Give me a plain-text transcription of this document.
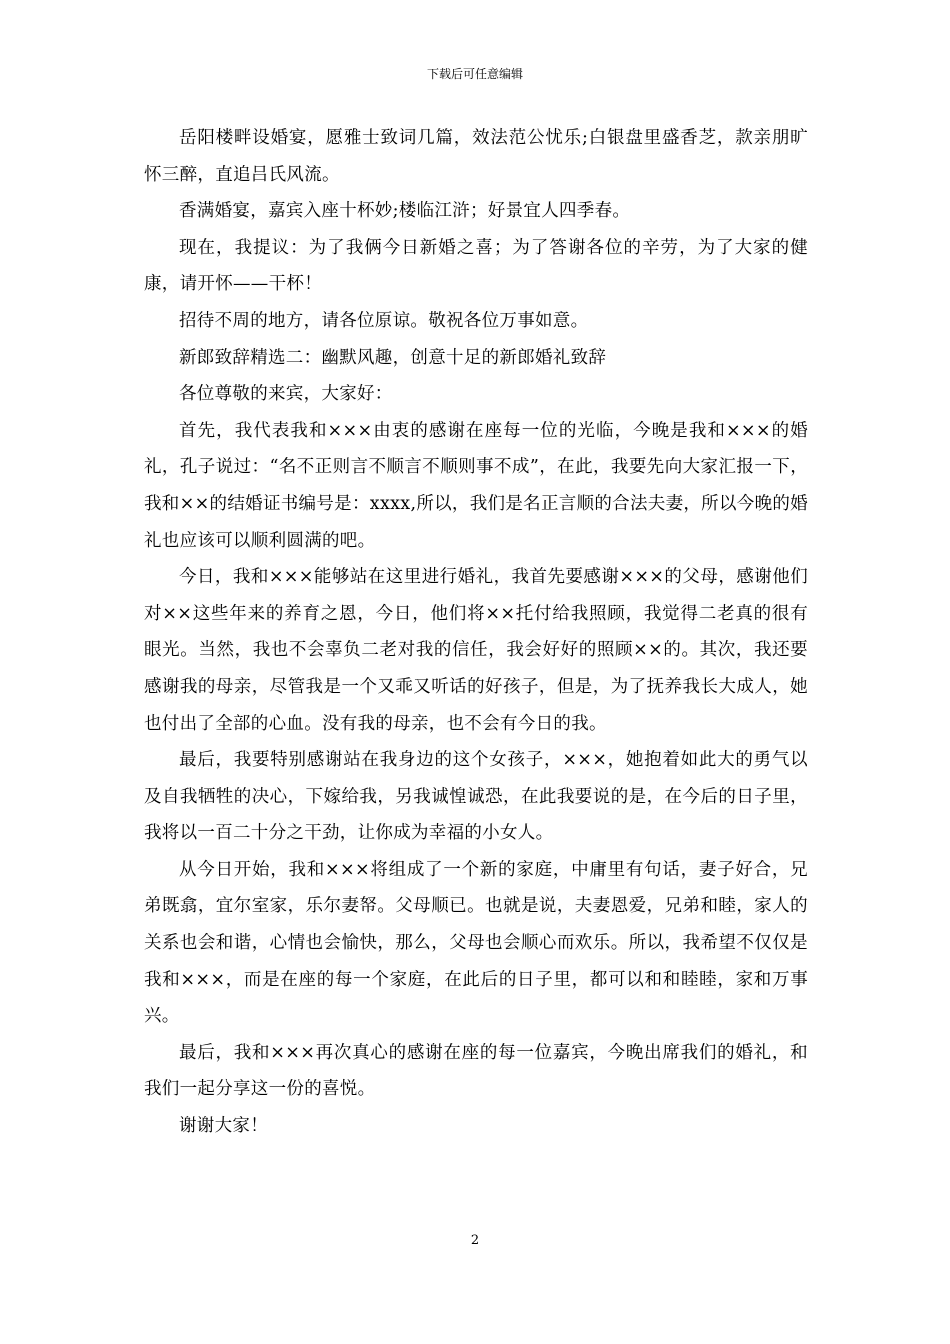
下载后可任意编辑

岳阳楼畔设婚宴，愿雅士致词几篇，效法范公忧乐;白银盘里盛香芝，款亲朋旷怀三醉，直追吕氏风流。

香满婚宴，嘉宾入座十杯妙;楼临江浒；好景宜人四季春。

现在，我提议：为了我俩今日新婚之喜；为了答谢各位的辛劳，为了大家的健康，请开怀——干杯！

招待不周的地方，请各位原谅。敬祝各位万事如意。

新郎致辞精选二：幽默风趣，创意十足的新郎婚礼致辞

各位尊敬的来宾，大家好：

首先，我代表我和×××由衷的感谢在座每一位的光临，今晚是我和×××的婚礼，孔子说过：“名不正则言不顺言不顺则事不成”，在此，我要先向大家汇报一下，我和××的结婚证书编号是：xxxx,所以，我们是名正言顺的合法夫妻，所以今晚的婚礼也应该可以顺利圆满的吧。

今日，我和×××能够站在这里进行婚礼，我首先要感谢×××的父母，感谢他们对××这些年来的养育之恩，今日，他们将××托付给我照顾，我觉得二老真的很有眼光。当然，我也不会辜负二老对我的信任，我会好好的照顾××的。其次，我还要感谢我的母亲，尽管我是一个又乖又听话的好孩子，但是，为了抚养我长大成人，她也付出了全部的心血。没有我的母亲，也不会有今日的我。

最后，我要特别感谢站在我身边的这个女孩子，×××，她抱着如此大的勇气以及自我牺牲的决心，下嫁给我，另我诚惶诚恐，在此我要说的是，在今后的日子里，我将以一百二十分之干劲，让你成为幸福的小女人。

从今日开始，我和×××将组成了一个新的家庭，中庸里有句话，妻子好合，兄弟既翕，宜尔室家，乐尔妻帑。父母顺已。也就是说，夫妻恩爱，兄弟和睦，家人的关系也会和谐，心情也会愉快，那么，父母也会顺心而欢乐。所以，我希望不仅仅是我和×××，而是在座的每一个家庭，在此后的日子里，都可以和和睦睦，家和万事兴。

最后，我和×××再次真心的感谢在座的每一位嘉宾，今晚出席我们的婚礼，和我们一起分享这一份的喜悦。

谢谢大家！

2
